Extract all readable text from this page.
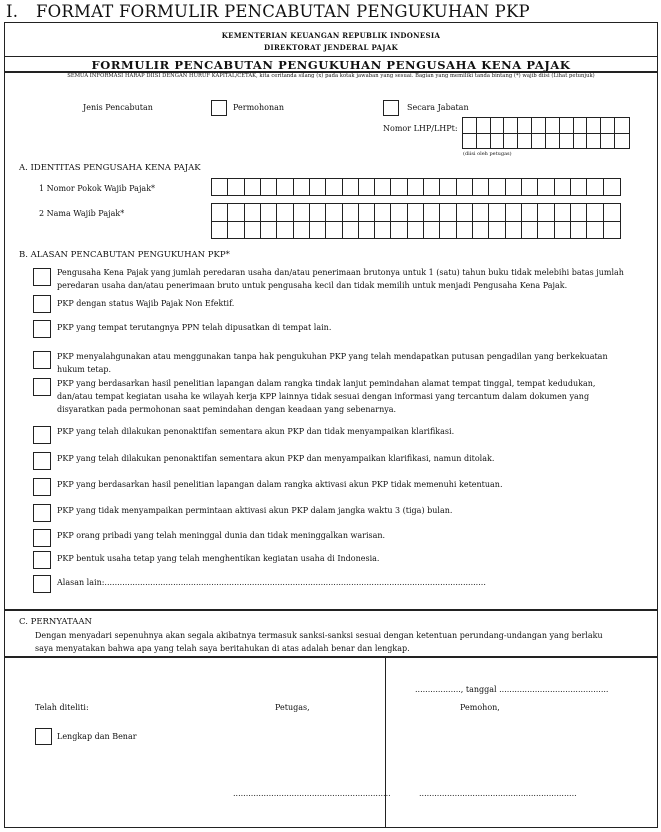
I. FORMAT FORMULIR PENCABUTAN PENGUKUHAN PKP
KEMENTERIAN KEUANGAN REPUBLIK INDONESIA
DIREKTORAT JENDERAL PAJAK
FORMULIR PENCABUTAN PENGUKUHAN PENGUSAHA KENA PAJAK
SEMUA INFORMASI HARAP DIISI DENGAN HURUF KAPITAL/CETAK, kita ceritanda silang (x) pada kotak jawaban yang sesuai. Bagian yang memiliki tanda bintang (*) wajib diisi (Lihat petunjuk)
Jenis Pencabutan	Permohonan	Secara Jabatan
Nomor LHP/LHPt:
(diisi oleh petugas)
A. IDENTITAS PENGUSAHA KENA PAJAK
1 Nomor Pokok Wajib Pajak*
2 Nama Wajib Pajak*
B. ALASAN PENCABUTAN PENGUKUHAN PKP*
Pengusaha Kena Pajak yang jumlah peredaran usaha dan/atau penerimaan brutonya untuk 1 (satu) tahun buku tidak melebihi batas jumlah
peredaran usaha dan/atau penerimaan bruto untuk pengusaha kecil dan tidak memilih untuk menjadi Pengusaha Kena Pajak.
PKP dengan status Wajib Pajak Non Efektif.
PKP yang tempat terutangnya PPN telah dipusatkan di tempat lain.
PKP menyalahgunakan atau menggunakan tanpa hak pengukuhan PKP yang telah mendapatkan putusan pengadilan yang berkekuatan
hukum tetap.
PKP yang berdasarkan hasil penelitian lapangan dalam rangka tindak lanjut pemindahan alamat tempat tinggal, tempat kedudukan,
dan/atau tempat kegiatan usaha ke wilayah kerja KPP lainnya tidak sesuai dengan informasi yang tercantum dalam dokumen yang
disyaratkan pada permohonan saat pemindahan dengan keadaan yang sebenarnya.
PKP yang telah dilakukan penonaktifan sementara akun PKP dan tidak menyampaikan klarifikasi.
PKP yang telah dilakukan penonaktifan sementara akun PKP dan menyampaikan klarifikasi, namun ditolak.
PKP yang berdasarkan hasil penelitian lapangan dalam rangka aktivasi akun PKP tidak memenuhi ketentuan.
PKP yang tidak menyampaikan permintaan aktivasi akun PKP dalam jangka waktu 3 (tiga) bulan.
PKP orang pribadi yang telah meninggal dunia dan tidak meninggalkan warisan.
PKP bentuk usaha tetap yang telah menghentikan kegiatan usaha di Indonesia.
Alasan lain:......................................................................................................................................................
C. PERNYATAAN
Dengan menyadari sepenuhnya akan segala akibatnya termasuk sanksi-sanksi sesuai dengan ketentuan perundang-undangan yang berlaku
saya menyatakan bahwa apa yang telah saya beritahukan di atas adalah benar dan lengkap.
Telah diteliti:	Petugas,
Lengkap dan Benar
..............................................................
.................., tanggal ...........................................
Pemohon,
..............................................................
